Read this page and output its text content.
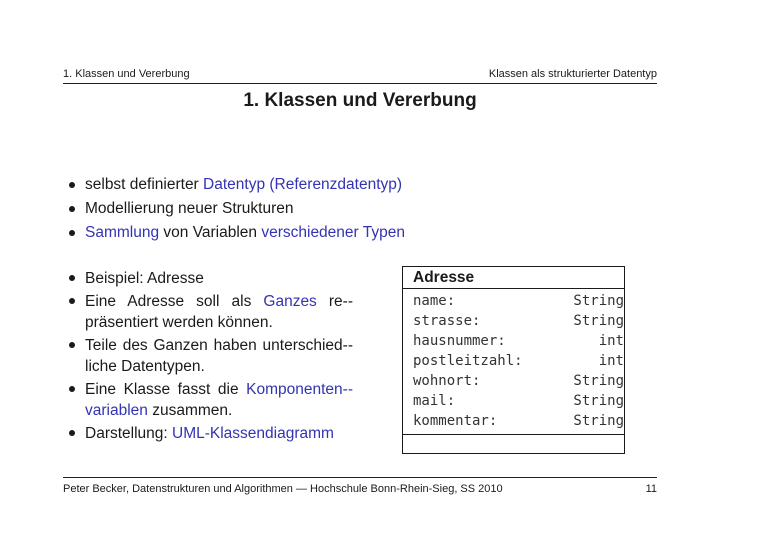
1. Klassen und Vererbung	Klassen als strukturierter Datentyp
1. Klassen und Vererbung
selbst definierter Datentyp (Referenzdatentyp)
Modellierung neuer Strukturen
Sammlung von Variablen verschiedener Typen
Beispiel: Adresse
Eine Adresse soll als Ganzes re-präsentiert werden können.
Teile des Ganzen haben unterschied-liche Datentypen.
Eine Klasse fasst die Komponenten-variablen zusammen.
Darstellung: UML-Klassendiagramm
Adresse
name:	String
strasse:	String
hausnummer:	int
postleitzahl:	int
wohnort:	String
mail:	String
kommentar:	String
Peter Becker, Datenstrukturen und Algorithmen — Hochschule Bonn-Rhein-Sieg, SS 2010	11
